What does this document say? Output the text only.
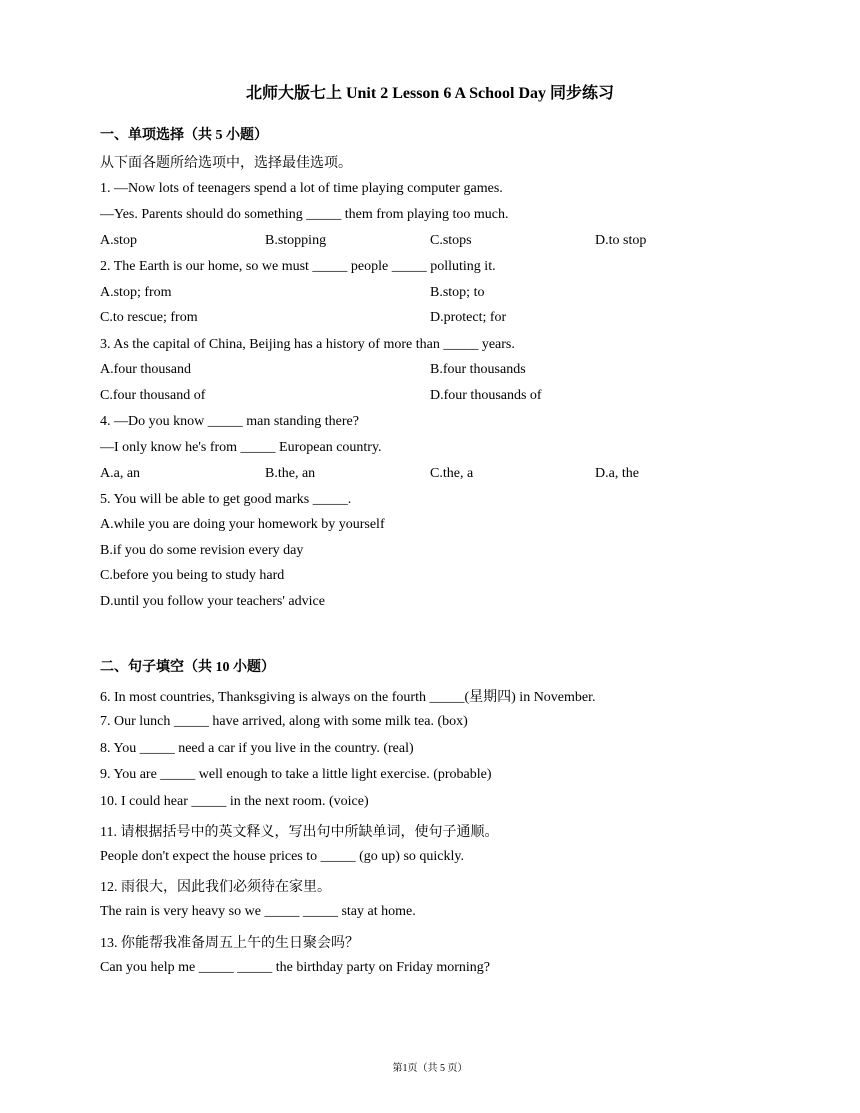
北师大版七上 Unit 2 Lesson 6 A School Day 同步练习
一、单项选择（共 5 小题）
从下面各题所给选项中，选择最佳选项。
1. —Now lots of teenagers spend a lot of time playing computer games.
—Yes. Parents should do something _____ them from playing too much.
A.stop	B.stopping	C.stops	D.to stop
2. The Earth is our home, so we must _____ people _____ polluting it.
A.stop; from	B.stop; to
C.to rescue; from	D.protect; for
3. As the capital of China, Beijing has a history of more than _____ years.
A.four thousand	B.four thousands
C.four thousand of	D.four thousands of
4. —Do you know _____ man standing there?
—I only know he's from _____ European country.
A.a, an	B.the, an	C.the, a	D.a, the
5. You will be able to get good marks _____.
A.while you are doing your homework by yourself
B.if you do some revision every day
C.before you being to study hard
D.until you follow your teachers' advice
二、句子填空（共 10 小题）
6. In most countries, Thanksgiving is always on the fourth _____(星期四) in November.
7. Our lunch _____ have arrived, along with some milk tea. (box)
8. You _____ need a car if you live in the country. (real)
9. You are _____ well enough to take a little light exercise. (probable)
10. I could hear _____ in the next room. (voice)
11. 请根据括号中的英文释义，写出句中所缺单词，使句子通顺。
People don't expect the house prices to _____ (go up) so quickly.
12. 雨很大，因此我们必须待在家里。
The rain is very heavy so we _____ _____ stay at home.
13. 你能帮我准备周五上午的生日聚会吗？
Can you help me _____ _____ the birthday party on Friday morning?
第1页（共 5 页）
